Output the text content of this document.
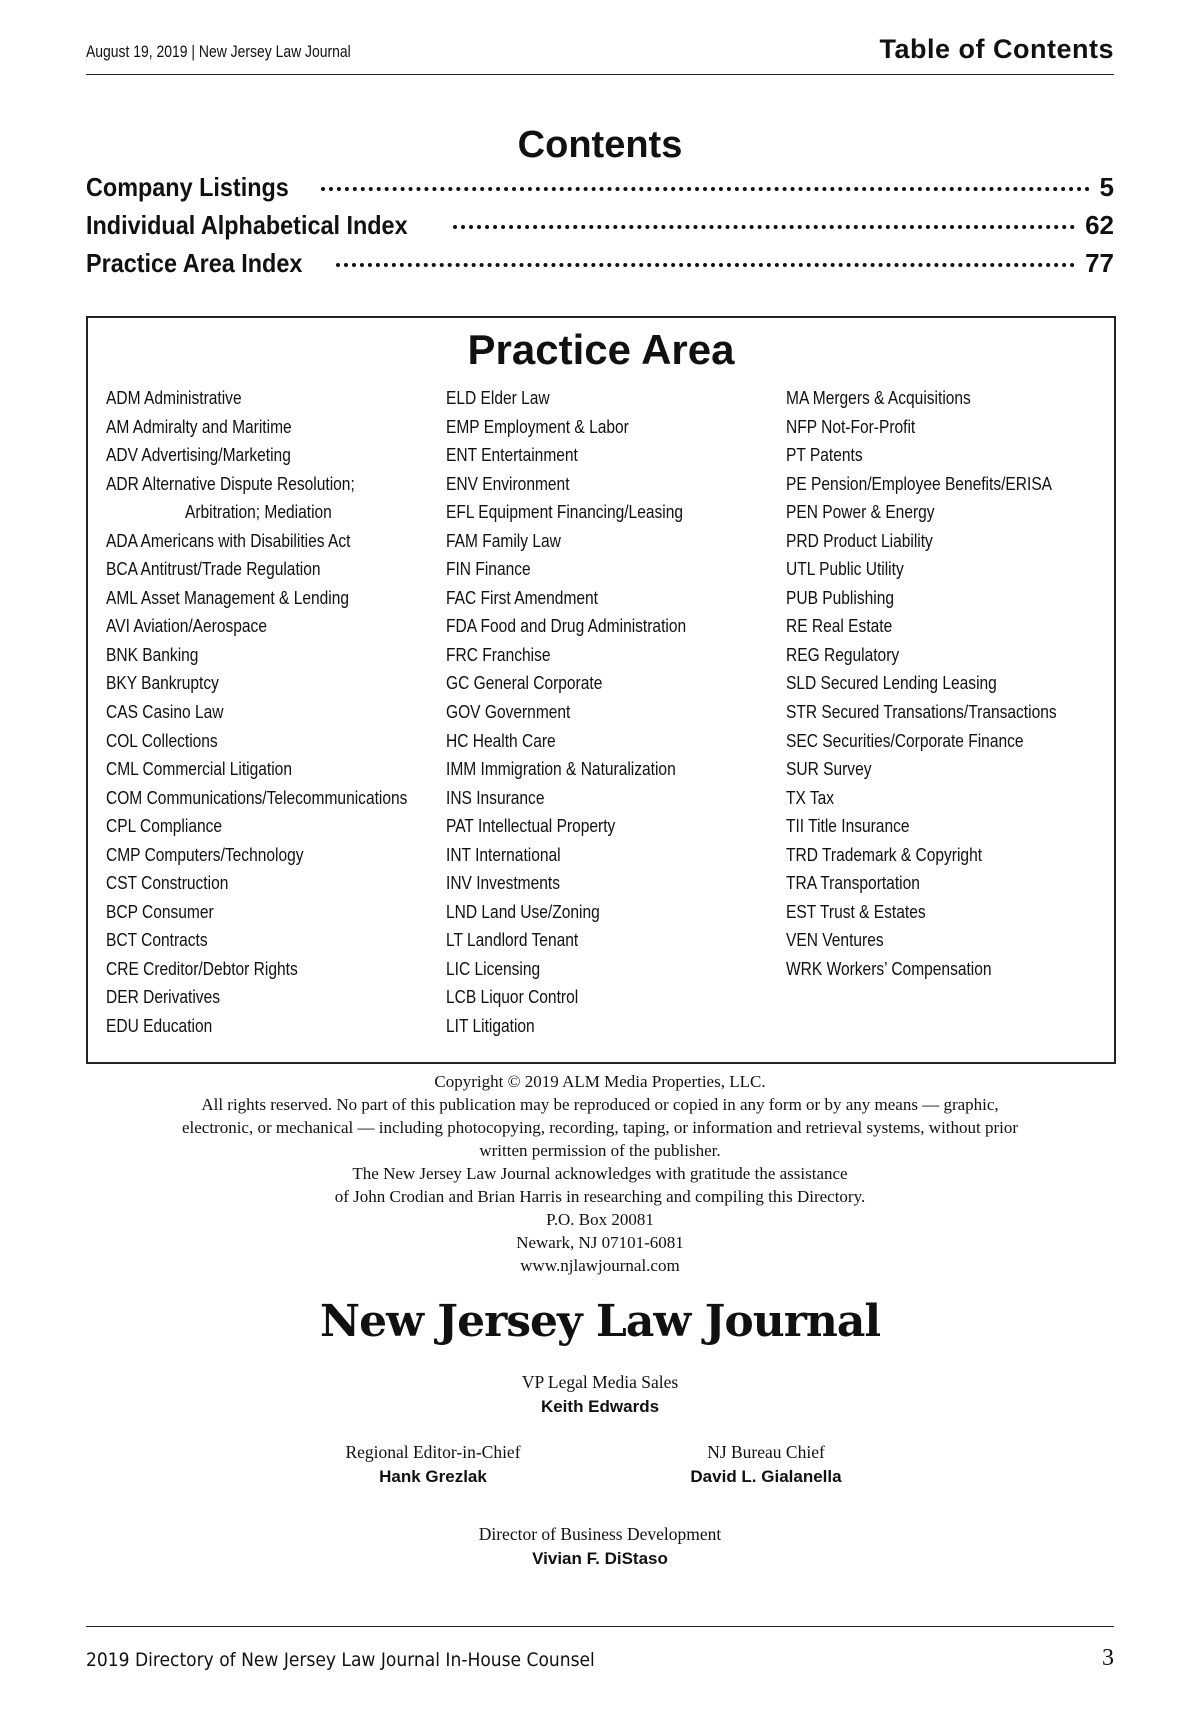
August 19, 2019 | New Jersey Law Journal	Table of Contents
Contents
Company Listings	5
Individual Alphabetical Index	62
Practice Area Index	77
Practice Area
ADM Administrative
AM Admiralty and Maritime
ADV Advertising/Marketing
ADR Alternative Dispute Resolution;
Arbitration; Mediation
ADA Americans with Disabilities Act
BCA Antitrust/Trade Regulation
AML Asset Management & Lending
AVI Aviation/Aerospace
BNK Banking
BKY Bankruptcy
CAS Casino Law
COL Collections
CML Commercial Litigation
COM Communications/Telecommunications
CPL Compliance
CMP Computers/Technology
CST Construction
BCP Consumer
BCT Contracts
CRE Creditor/Debtor Rights
DER Derivatives
EDU Education
ELD Elder Law
EMP Employment & Labor
ENT Entertainment
ENV Environment
EFL Equipment Financing/Leasing
FAM Family Law
FIN Finance
FAC First Amendment
FDA Food and Drug Administration
FRC Franchise
GC General Corporate
GOV Government
HC Health Care
IMM Immigration & Naturalization
INS Insurance
PAT Intellectual Property
INT International
INV Investments
LND Land Use/Zoning
LT Landlord Tenant
LIC Licensing
LCB Liquor Control
LIT Litigation
MA Mergers & Acquisitions
NFP Not-For-Profit
PT Patents
PE Pension/Employee Benefits/ERISA
PEN Power & Energy
PRD Product Liability
UTL Public Utility
PUB Publishing
RE Real Estate
REG Regulatory
SLD Secured Lending Leasing
STR Secured Transations/Transactions
SEC Securities/Corporate Finance
SUR Survey
TX Tax
TII Title Insurance
TRD Trademark & Copyright
TRA Transportation
EST Trust & Estates
VEN Ventures
WRK Workers’ Compensation
Copyright © 2019 ALM Media Properties, LLC.
All rights reserved. No part of this publication may be reproduced or copied in any form or by any means — graphic,
electronic, or mechanical — including photocopying, recording, taping, or information and retrieval systems, without prior
written permission of the publisher.
The New Jersey Law Journal acknowledges with gratitude the assistance
of John Crodian and Brian Harris in researching and compiling this Directory.
P.O. Box 20081
Newark, NJ 07101-6081
www.njlawjournal.com
New Jersey Law Journal
VP Legal Media Sales
Keith Edwards
Regional Editor-in-Chief
Hank Grezlak
NJ Bureau Chief
David L. Gialanella
Director of Business Development
Vivian F. DiStaso
2019 Directory of New Jersey Law Journal In-House Counsel	3
